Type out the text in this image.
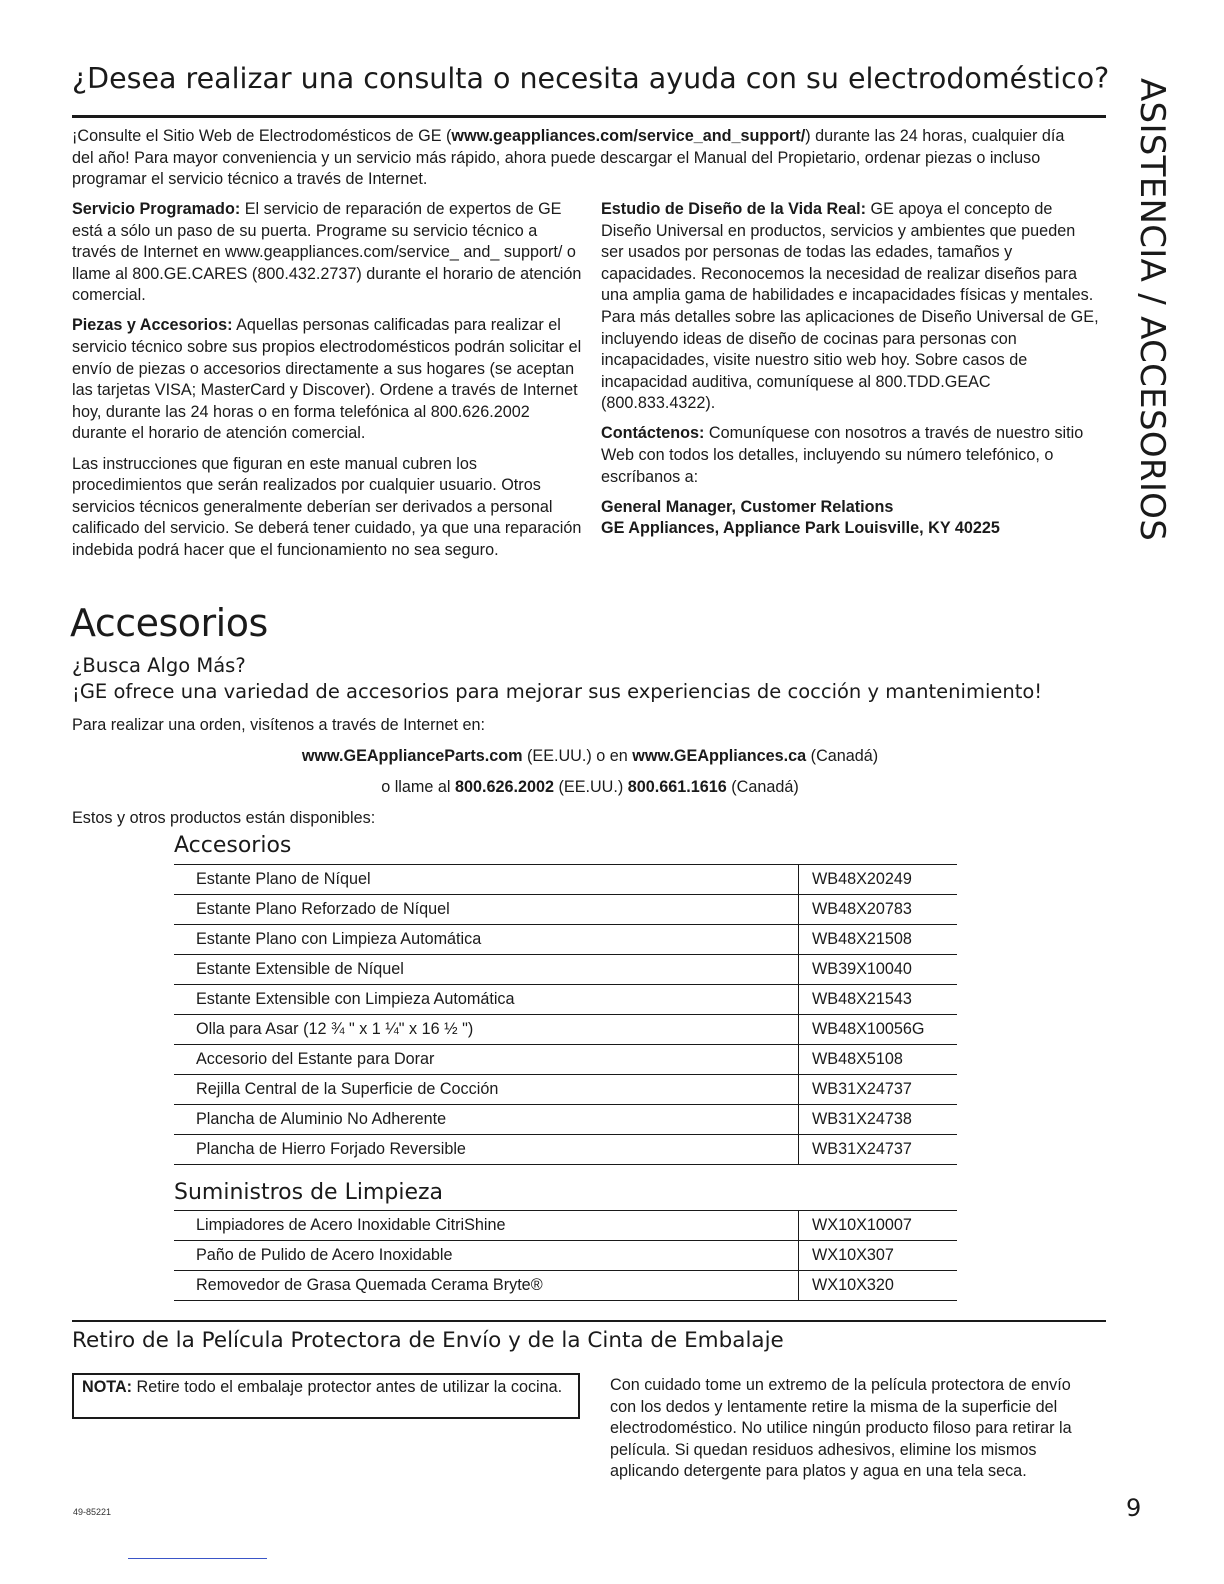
¿Desea realizar una consulta o necesita ayuda con su electrodoméstico? ASISTENCIA / ACCESORIOS
¡Consulte el Sitio Web de Electrodomésticos de GE (www.geappliances.com/service_and_support/) durante las 24 horas, cualquier día del año! Para mayor conveniencia y un servicio más rápido, ahora puede descargar el Manual del Propietario, ordenar piezas o incluso programar el servicio técnico a través de Internet.

Servicio Programado: El servicio de reparación de expertos de GE está a sólo un paso de su puerta. Programe su servicio técnico a través de Internet en www.geappliances.com/service_ and_ support/ o llame al 800.GE.CARES (800.432.2737) durante el horario de atención comercial.

Piezas y Accesorios: Aquellas personas calificadas para realizar el servicio técnico sobre sus propios electrodomésticos podrán solicitar el envío de piezas o accesorios directamente a sus hogares (se aceptan las tarjetas VISA; MasterCard y Discover). Ordene a través de Internet hoy, durante las 24 horas o en forma telefónica al 800.626.2002 durante el horario de atención comercial.

Las instrucciones que figuran en este manual cubren los procedimientos que serán realizados por cualquier usuario. Otros servicios técnicos generalmente deberían ser derivados a personal calificado del servicio. Se deberá tener cuidado, ya que una reparación indebida podrá hacer que el funcionamiento no sea seguro.

Estudio de Diseño de la Vida Real: GE apoya el concepto de Diseño Universal en productos, servicios y ambientes que pueden ser usados por personas de todas las edades, tamaños y capacidades. Reconocemos la necesidad de realizar diseños para una amplia gama de habilidades e incapacidades físicas y mentales. Para más detalles sobre las aplicaciones de Diseño Universal de GE, incluyendo ideas de diseño de cocinas para personas con incapacidades, visite nuestro sitio web hoy. Sobre casos de incapacidad auditiva, comuníquese al 800.TDD.GEAC (800.833.4322).

Contáctenos: Comuníquese con nosotros a través de nuestro sitio Web con todos los detalles, incluyendo su número telefónico, o escríbanos a:

General Manager, Customer Relations
GE Appliances, Appliance Park Louisville, KY 40225

Accesorios
¿Busca Algo Más?
¡GE ofrece una variedad de accesorios para mejorar sus experiencias de cocción y mantenimiento!
Para realizar una orden, visítenos a través de Internet en:
www.GEApplianceParts.com (EE.UU.) o en www.GEAppliances.ca (Canadá)
o llame al 800.626.2002 (EE.UU.) 800.661.1616 (Canadá)
Estos y otros productos están disponibles:
Accesorios
Estante Plano de Níquel	WB48X20249
Estante Plano Reforzado de Níquel	WB48X20783
Estante Plano con Limpieza Automática	WB48X21508
Estante Extensible de Níquel	WB39X10040
Estante Extensible con Limpieza Automática	WB48X21543
Olla para Asar (12 ¾ " x 1 ¼" x 16 ½ ")	WB48X10056G
Accesorio del Estante para Dorar	WB48X5108
Rejilla Central de la Superficie de Cocción	WB31X24737
Plancha de Aluminio No Adherente	WB31X24738
Plancha de Hierro Forjado Reversible	WB31X24737
Suministros de Limpieza
Limpiadores de Acero Inoxidable CitriShine	WX10X10007
Paño de Pulido de Acero Inoxidable	WX10X307
Removedor de Grasa Quemada Cerama Bryte®	WX10X320
Retiro de la Película Protectora de Envío y de la Cinta de Embalaje
NOTA: Retire todo el embalaje protector antes de utilizar la cocina.	Con cuidado tome un extremo de la película protectora de envío con los dedos y lentamente retire la misma de la superficie del electrodoméstico. No utilice ningún producto filoso para retirar la película. Si quedan residuos adhesivos, elimine los mismos aplicando detergente para platos y agua en una tela seca.
49-85221	9
